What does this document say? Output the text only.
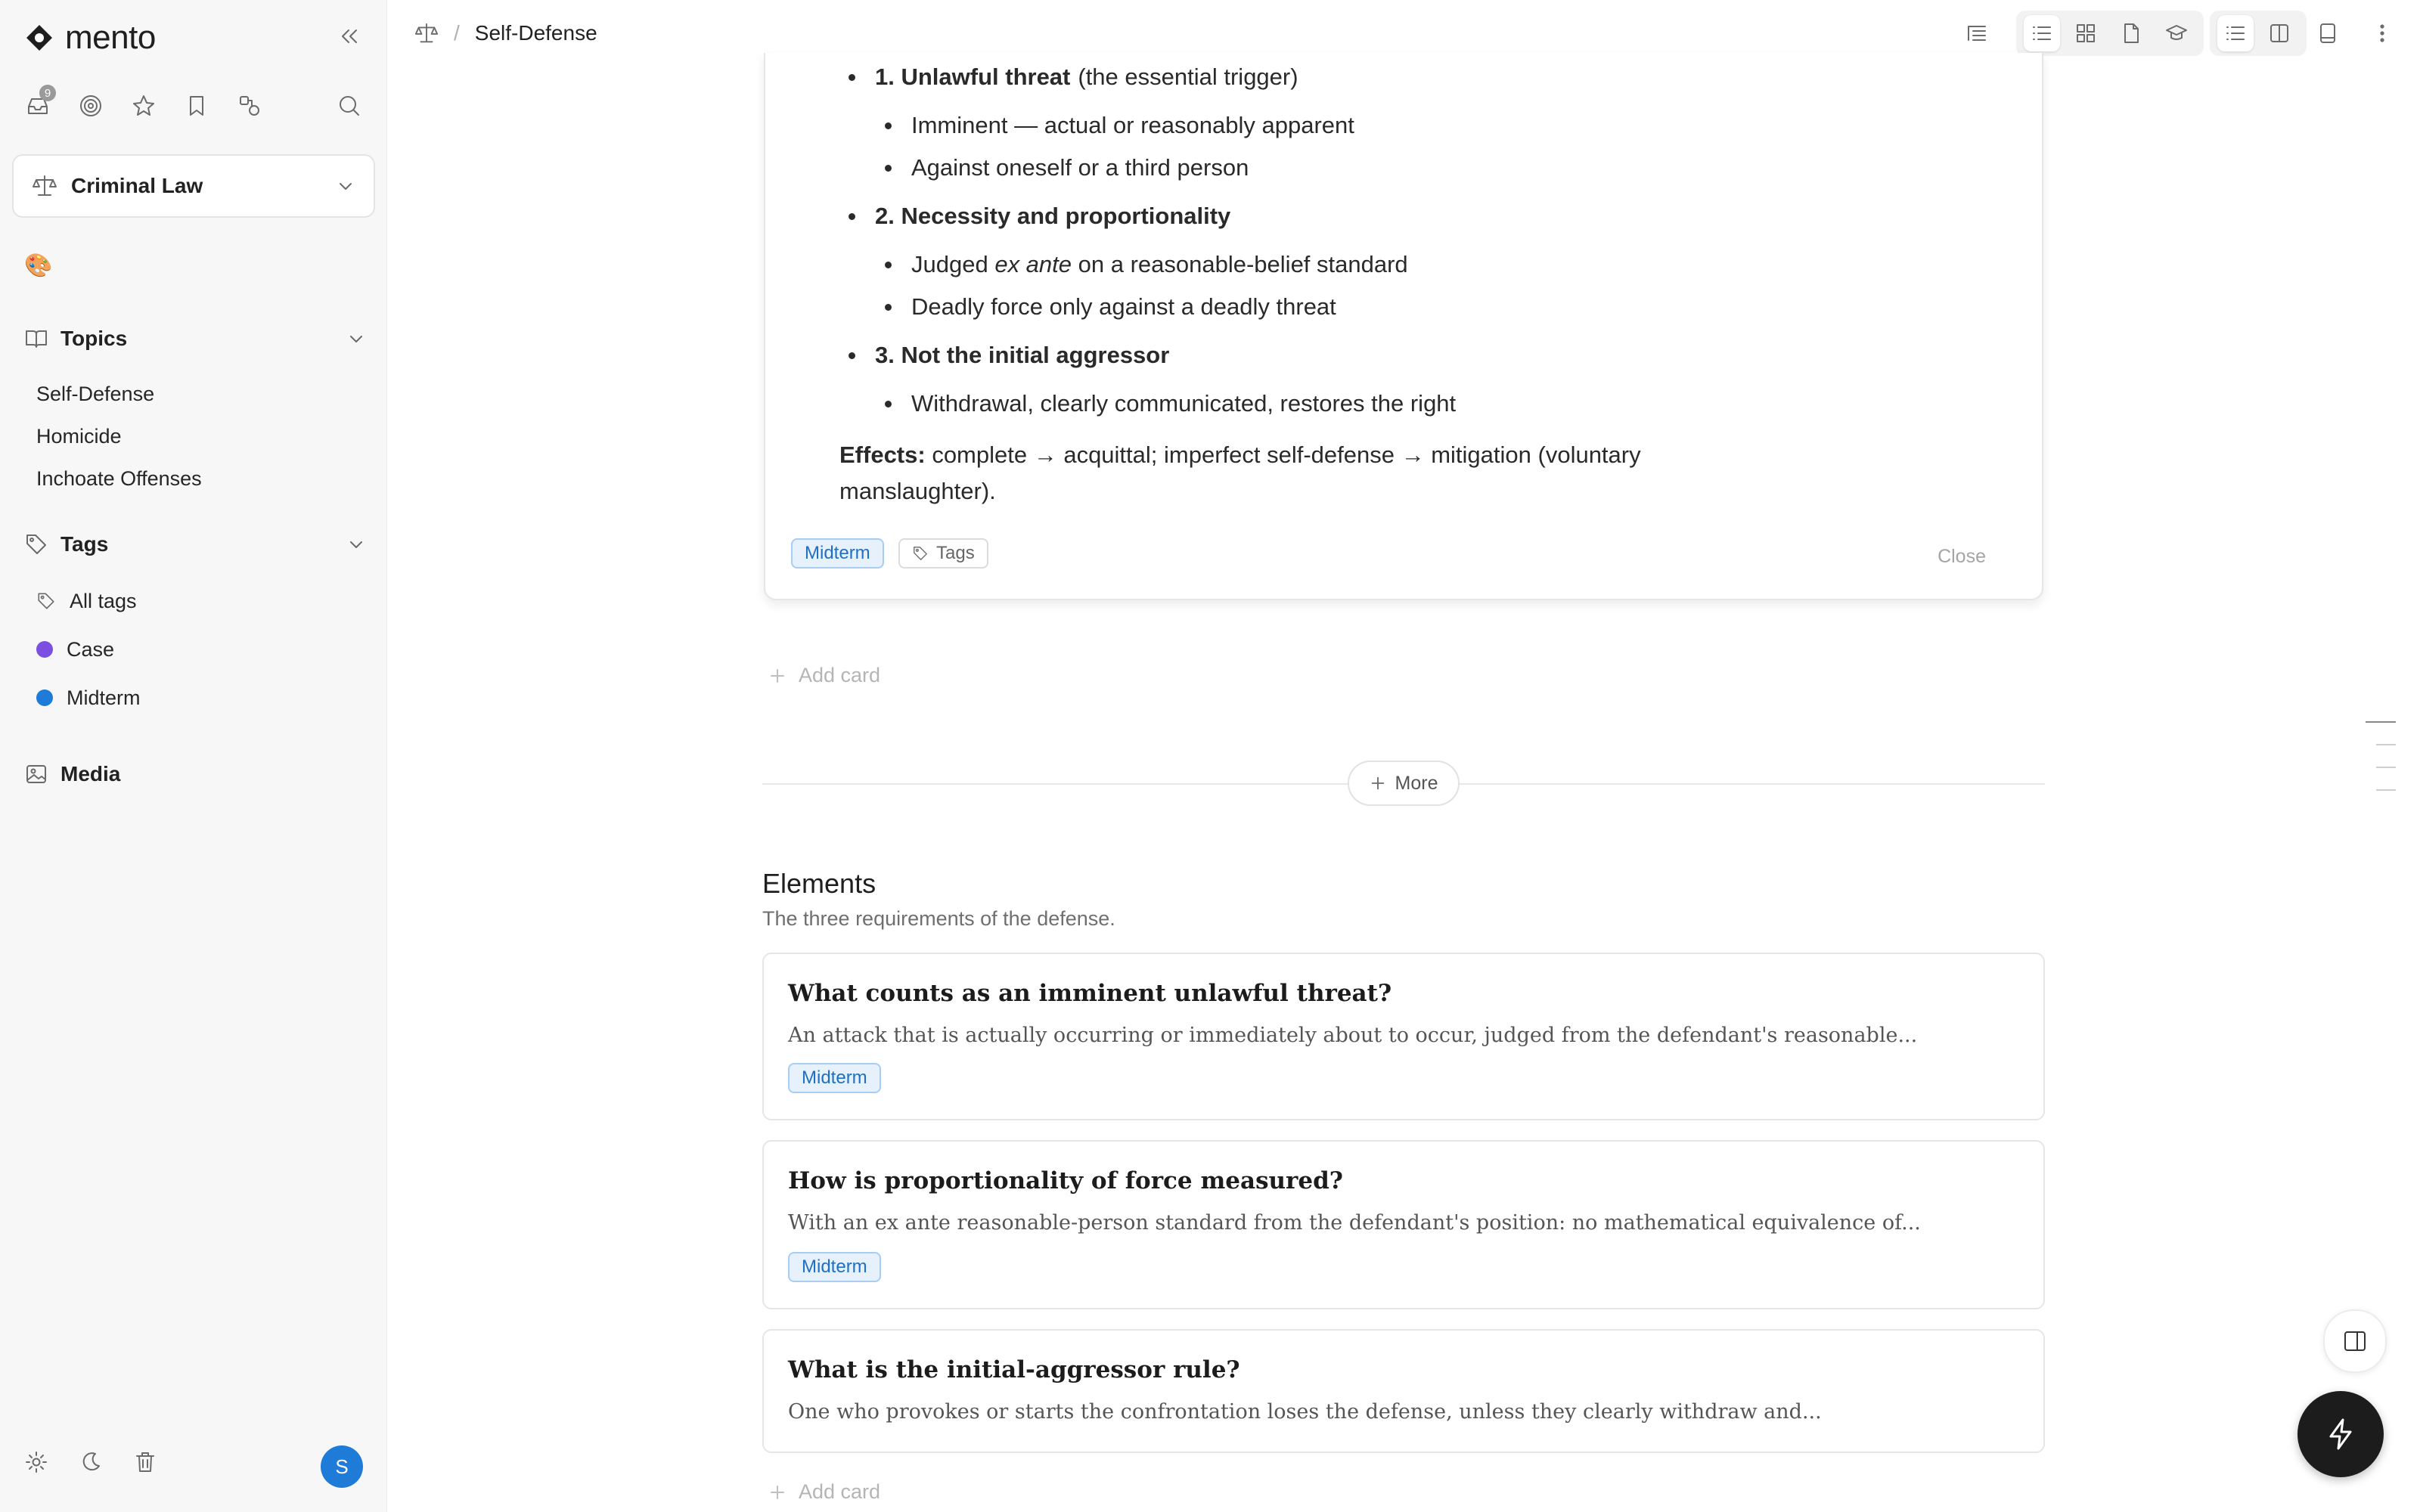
mento
9
Criminal Law
🎨
Topics
Self-Defense
Homicide
Inchoate Offenses
Tags
All tags
Case
Midterm
Media
S
/ Self-Defense
1. Unlawful threat (the essential trigger)
Imminent — actual or reasonably apparent
Against oneself or a third person
2. Necessity and proportionality
Judged ex ante on a reasonable-belief standard
Deadly force only against a deadly threat
3. Not the initial aggressor
Withdrawal, clearly communicated, restores the right
Effects: complete → acquittal; imperfect self-defense → mitigation (voluntary manslaughter).
Midterm	Tags	Close
Add card
More
Elements
The three requirements of the defense.
What counts as an imminent unlawful threat?
An attack that is actually occurring or immediately about to occur, judged from the defendant's reasonable...
Midterm
How is proportionality of force measured?
With an ex ante reasonable-person standard from the defendant's position: no mathematical equivalence of...
Midterm
What is the initial-aggressor rule?
One who provokes or starts the confrontation loses the defense, unless they clearly withdraw and...
Add card
